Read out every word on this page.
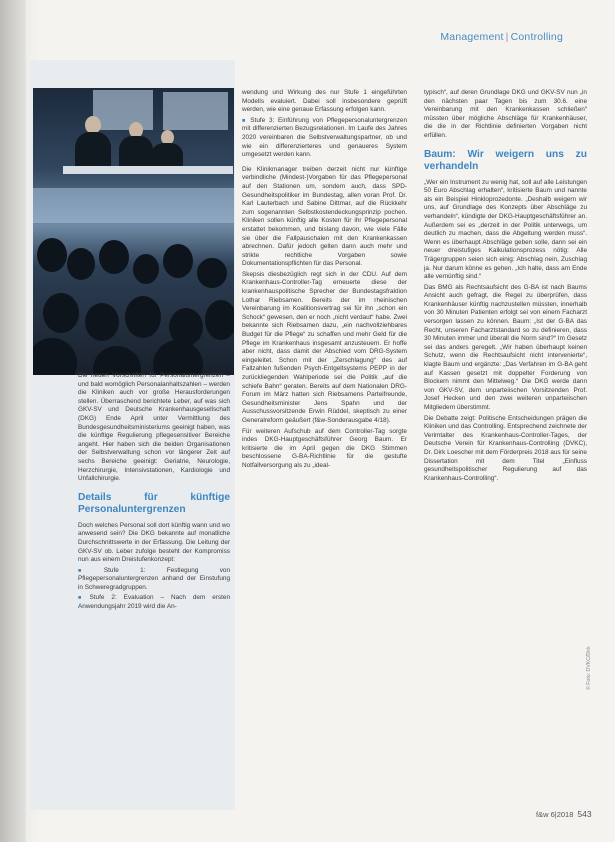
Management | Controlling

Die neuen Vorschriften für Personaluntergrenzen – und bald womöglich Personalanhaltszahlen – werden die Kliniken auch vor große Herausforderungen stellen. Überraschend berichtete Leber, auf was sich GKV-SV und Deutsche Krankenhausgesellschaft (DKG) Ende April unter Vermittlung des Bundesgesundheitsministeriums geeinigt haben, was die künftige Regulierung pflegesensitiver Bereiche angeht. Hier haben sich die beiden Organisationen der Selbstverwaltung schon vor längerer Zeit auf sechs Bereiche geeinigt: Geriatrie, Neurologie, Herzchirurgie, Intensivstationen, Kardiologie und Unfallchirurgie.

Details für künftige Personaluntergrenzen

Doch welches Personal soll dort künftig wann und wo anwesend sein? Die DKG bekannte auf monatliche Durchschnittswerte in der Erfassung. Die Leitung der GKV-SV ob. Leber zufolge besteht der Kompromiss nun aus einem Dreistufenkonzept:

■ Stufe 1: Festlegung von Pflegepersonaluntergrenzen anhand der Einstufung in Schweregradgruppen.

■ Stufe 2: Evaluation – Nach dem ersten Anwendungsjahr 2019 wird die An-

wendung und Wirkung des nur Stufe 1 eingeführten Modells evaluiert. Dabei soll insbesondere geprüft werden, wie eine genaue Erfassung erfolgen kann.

■ Stufe 3: Einführung von Pflegepersonaluntergrenzen mit differenzierten Bezugsrelationen. Im Laufe des Jahres 2020 vereinbaren die Selbstverwaltungspartner, ob und wie ein differenzierteres und genaueres System umgesetzt werden kann.

Die Klinikmanager treiben derzeit nicht nur künftige verbindliche (Mindest-)Vorgaben für das Pflegepersonal auf den Stationen um, sondern auch, dass SPD-Gesundheitspolitiker im Bundestag, allen voran Prof. Dr. Karl Lauterbach und Sabine Dittmar, auf die Rückkehr zum sogenannten Selbstkostendeckungsprinzip pochen. Kliniken sollen künftig alle Kosten für ihr Pflegepersonal erstattet bekommen, und bislang davon, wie viele Fälle sie über die Fallpauschalen mit den Krankenkassen abrechnen. Dafür jedoch gelten dann auch mehr und strikte rechtliche Vorgaben sowie Dokumentationspflichten für das Personal.

Skepsis diesbezüglich regt sich in der CDU. Auf dem Krankenhaus-Controller-Tag erneuerte diese der krankenhauspolitische Sprecher der Bundestagsfraktion Lothar Riebsamen. Bereits der im rheinischen Vereinbarung im Koalitionsvertrag sei für ihn „schon ein Schock“ gewesen, den er noch „nicht verdaut“ habe. Zwei bekannte sich Riebsamen dazu, „ein nachvollziehbares Budget für die Pflege“ zu schaffen und mehr Geld für die Pflege im Krankenhaus insgesamt anzusteuern. Er hoffe aber nicht, dass damit der Abschied vom DRG-System eingeleitet. Schon mit der „Zerschlagung“ des auf Fallzahlen fußenden Psych-Entgeltsystems PEPP in der zurückliegenden Wahlperiode sei die Politik „auf die schiefe Bahn“ geraten. Bereits auf dem Nationalen DRG-Forum im März hatten sich Riebsamens Parteifreunde, Gesundheitsminister Jens Spahn und der Ausschussvorsitzende Erwin Rüddel, skeptisch zu einer Generalreform geäußert (f&w-Sonderausgabe 4/18).

Für weiteren Aufschub auf dem Controller-Tag sorgte indes DKG-Hauptgeschäftsführer Georg Baum. Er kritisierte die im April gegen die DKG Stimmen beschlossene G-BA-Richtlinie für die gestufte Notfallversorgung als zu „ideal-

typisch“, auf deren Grundlage DKG und GKV-SV nun „in den nächsten paar Tagen bis zum 30.6. eine Vereinbarung mit den Krankenkassen schließen“ müssten über mögliche Abschläge für Krankenhäuser, die die in der Richtlinie definierten Vorgaben nicht erfüllen.

Baum: Wir weigern uns zu verhandeln

„Wer ein Instrument zu wenig hat, soll auf alle Leistungen 50 Euro Abschlag erhalten“, kritisierte Baum und nannte als ein Beispiel Hinkloprozedonte. „Deshalb weigern wir uns, auf Grundlage des Konzepts über Abschläge zu verhandeln“, kündigte der DKG-Hauptgeschäftsführer an. Außerdem sei es „derzeit in der Politik unterwegs, um deutlich zu machen, dass die Abgeltung werden muss“. Wenn es überhaupt Abschläge geben solle, dann sei ein neuer dreistufiges Kalkulationsprozess nötig: Alle Trägergruppen seien sich einig: Abschlag nein, Zuschlag ja. Nur darum könne es gehen. „Ich halte, dass am Ende alle vernünftig sind.“

Das BMG als Rechtsaufsicht des G-BA ist nach Baums Ansicht auch gefragt, die Regel zu überprüfen, dass Krankenhäuser künftig nachzustellen müssten, innerhalb von 30 Minuten Patienten erfolgt sei von einem Facharzt versorgen lassen zu können. Baum: „Ist der G-BA das Recht, unseren Facharztstandard so zu definieren, dass 30 Minuten immer und überall die Norm sind?“ Im Gesetz sei das anders geregelt. „Wir haben überhaupt keinen Schutz, wenn die Rechtsaufsicht nicht intervenierte“, klagte Baum und ergänzte: „Das Verfahren im G-BA geht auf Kassen gesetzt mit doppelter Forderung von Blockern nimmt den Mittelweg.“ Die DKG werde dann von GKV-SV, dem unparteiischen Vorsitzenden Prof. Josef Hecken und den zwei weiteren unparteiischen Mitgliedern überstimmt.

Die Debatte zeigt: Politische Entscheidungen prägen die Kliniken und das Controlling. Entsprechend zeichnete der Verimtalter des Krankenhaus-Controller-Tages, der Deutsche Verein für Krankenhaus-Controlling (DVKC), Dr. Dirk Loescher mit dem Förderpreis 2018 aus für seine Dissertation mit dem Titel „Einfluss gesundheitspolitischer Regulierung auf das Krankenhaus-Controlling“.

© Foto: DVKC/Dirk
f&w 6|2018 543
